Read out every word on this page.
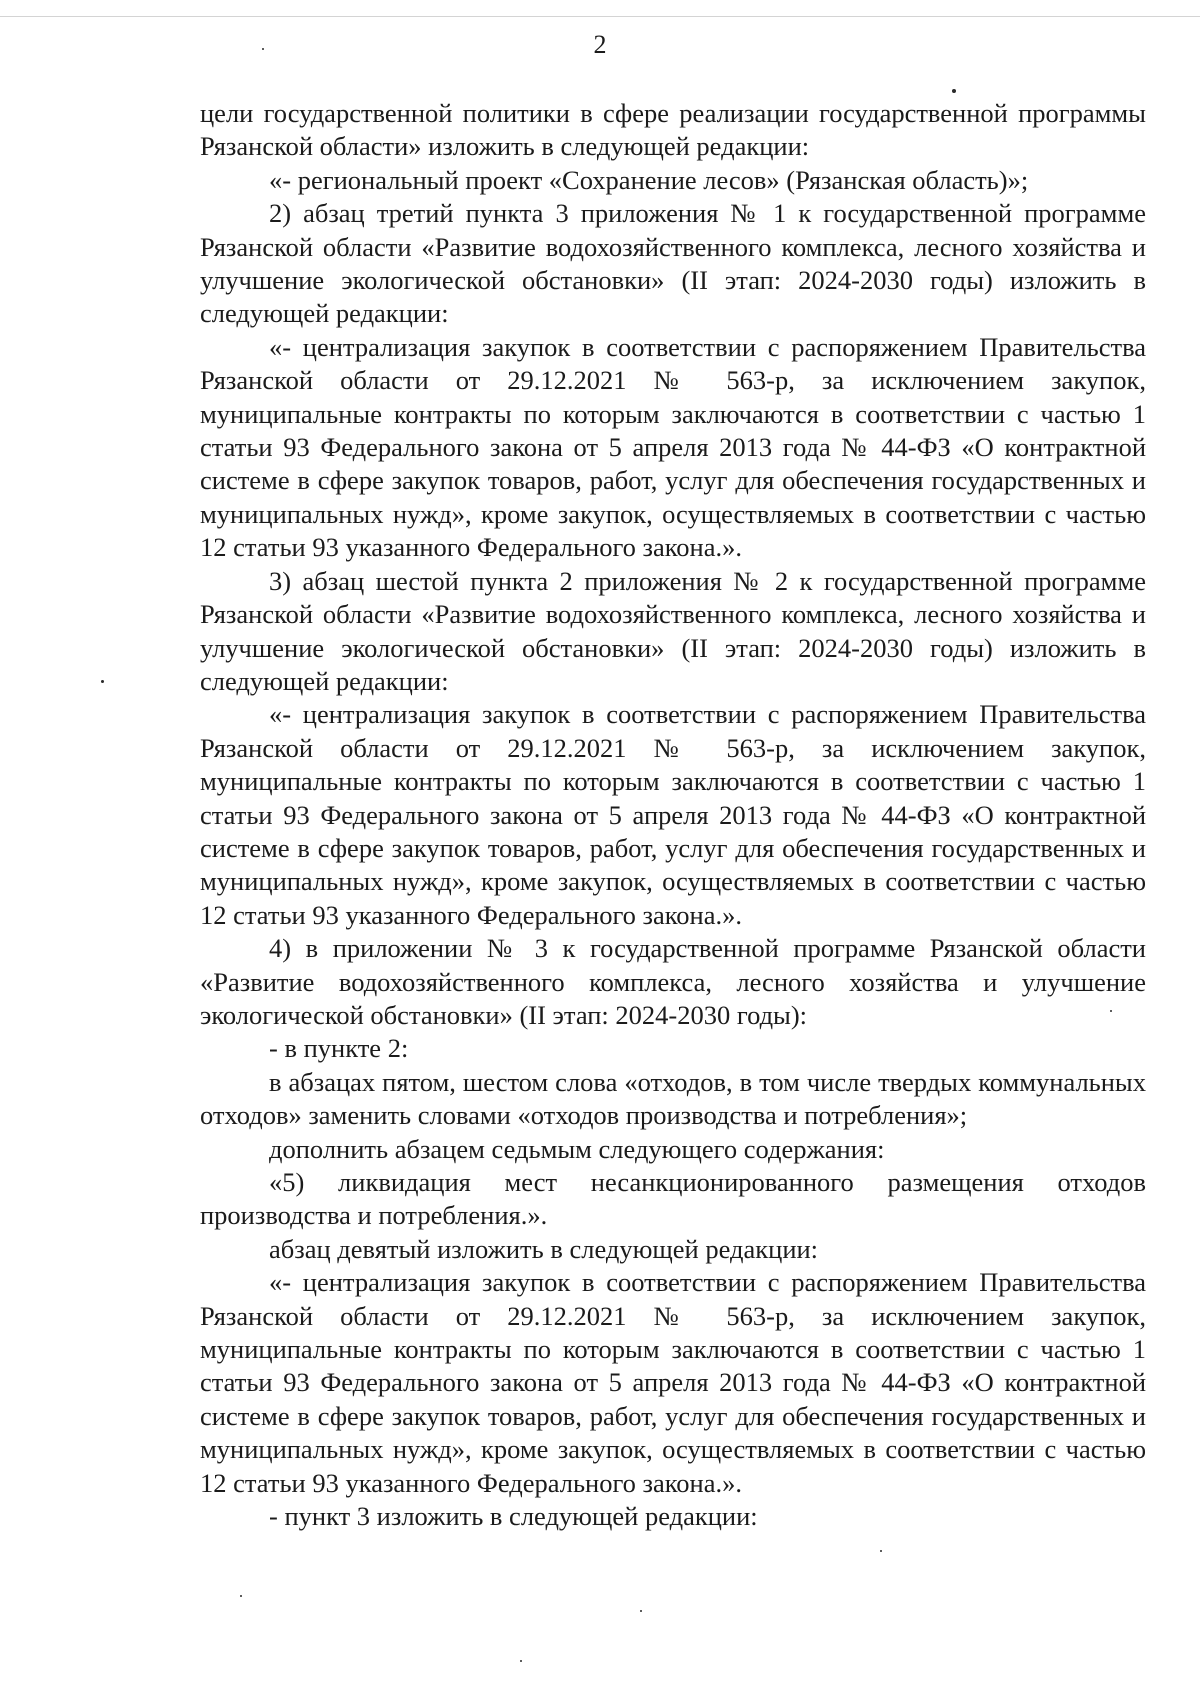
2

цели государственной политики в сфере реализации государственной программы Рязанской области» изложить в следующей редакции:

«- региональный проект «Сохранение лесов» (Рязанская область)»;

2) абзац третий пункта 3 приложения № 1 к государственной программе Рязанской области «Развитие водохозяйственного комплекса, лесного хозяйства и улучшение экологической обстановки» (II этап: 2024-2030 годы) изложить в следующей редакции:

«- централизация закупок в соответствии с распоряжением Правительства Рязанской области от 29.12.2021 № 563-р, за исключением закупок, муниципальные контракты по которым заключаются в соответствии с частью 1 статьи 93 Федерального закона от 5 апреля 2013 года № 44-ФЗ «О контрактной системе в сфере закупок товаров, работ, услуг для обеспечения государственных и муниципальных нужд», кроме закупок, осуществляемых в соответствии с частью 12 статьи 93 указанного Федерального закона.».

3) абзац шестой пункта 2 приложения № 2 к государственной программе Рязанской области «Развитие водохозяйственного комплекса, лесного хозяйства и улучшение экологической обстановки» (II этап: 2024-2030 годы) изложить в следующей редакции:

«- централизация закупок в соответствии с распоряжением Правительства Рязанской области от 29.12.2021 № 563-р, за исключением закупок, муниципальные контракты по которым заключаются в соответствии с частью 1 статьи 93 Федерального закона от 5 апреля 2013 года № 44-ФЗ «О контрактной системе в сфере закупок товаров, работ, услуг для обеспечения государственных и муниципальных нужд», кроме закупок, осуществляемых в соответствии с частью 12 статьи 93 указанного Федерального закона.».

4) в приложении № 3 к государственной программе Рязанской области «Развитие водохозяйственного комплекса, лесного хозяйства и улучшение экологической обстановки» (II этап: 2024-2030 годы):

- в пункте 2:

в абзацах пятом, шестом слова «отходов, в том числе твердых коммунальных отходов» заменить словами «отходов производства и потребления»;

дополнить абзацем седьмым следующего содержания:

«5) ликвидация мест несанкционированного размещения отходов производства и потребления.».

абзац девятый изложить в следующей редакции:

«- централизация закупок в соответствии с распоряжением Правительства Рязанской области от 29.12.2021 № 563-р, за исключением закупок, муниципальные контракты по которым заключаются в соответствии с частью 1 статьи 93 Федерального закона от 5 апреля 2013 года № 44-ФЗ «О контрактной системе в сфере закупок товаров, работ, услуг для обеспечения государственных и муниципальных нужд», кроме закупок, осуществляемых в соответствии с частью 12 статьи 93 указанного Федерального закона.».

- пункт 3 изложить в следующей редакции:
